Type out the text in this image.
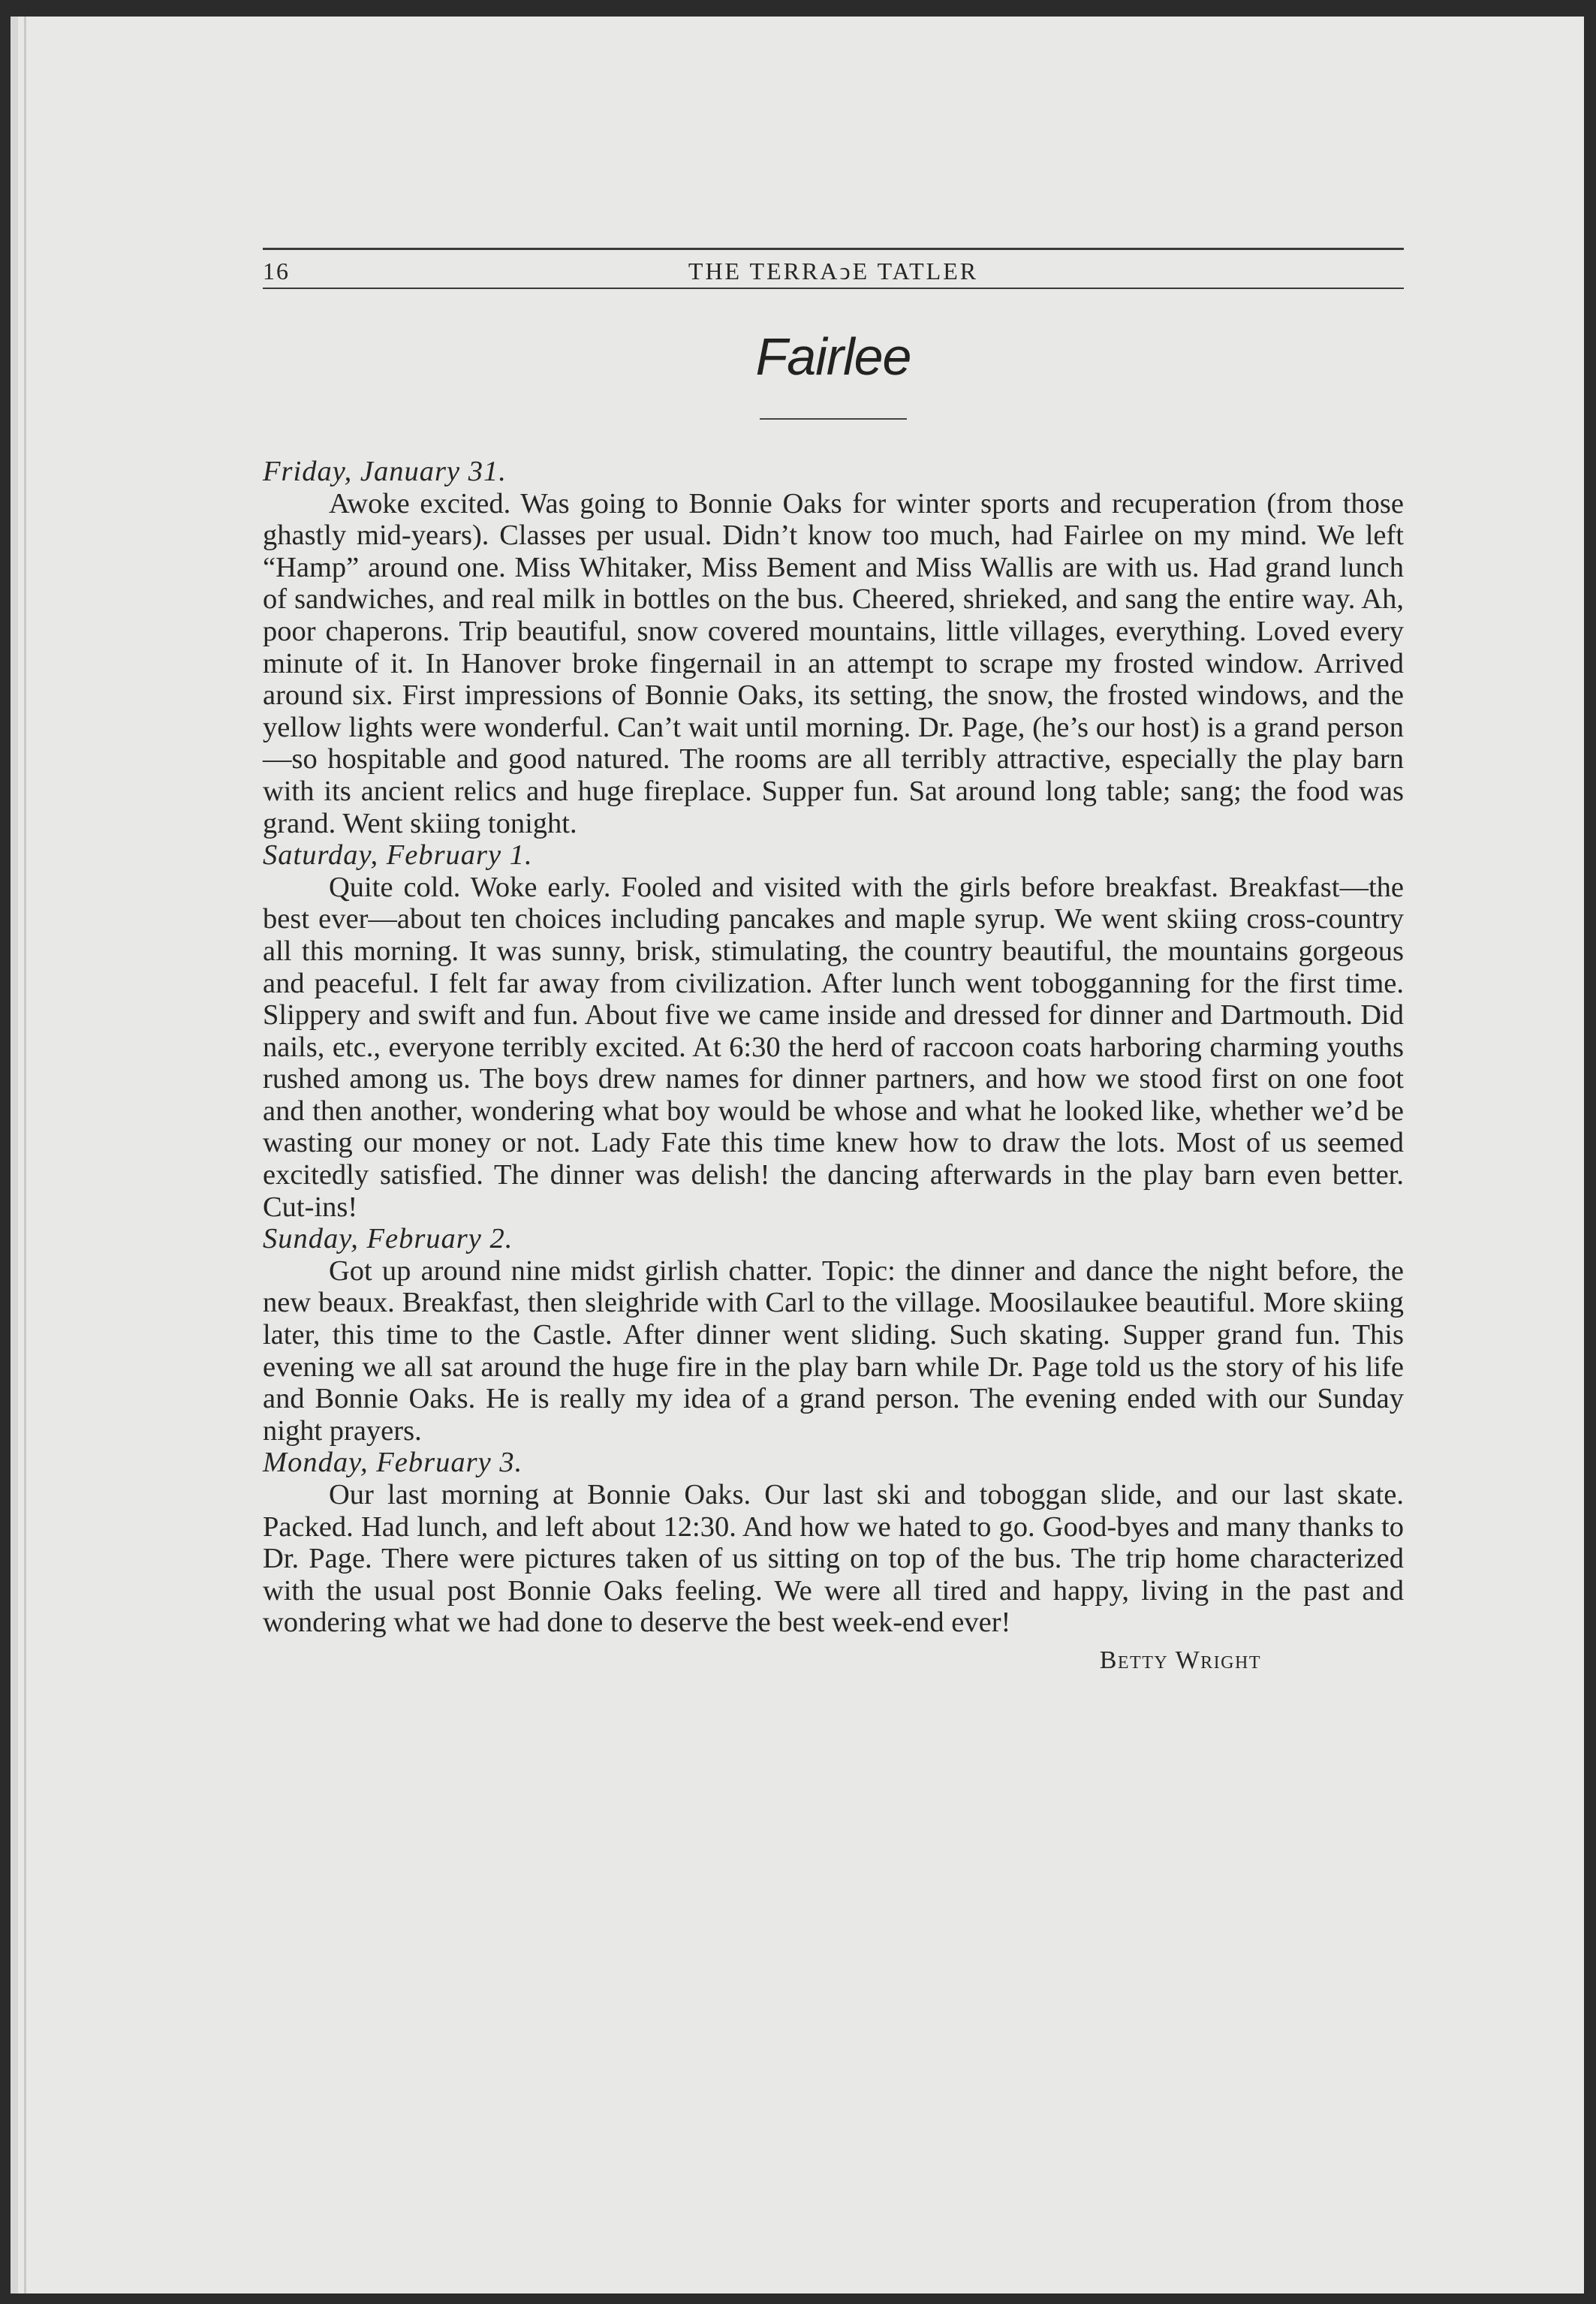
16	THE TERRAↄE TATLER
Fairlee

Friday, January 31.

Awoke excited. Was going to Bonnie Oaks for winter sports and recuperation (from those ghastly mid-years). Classes per usual. Didn’t know too much, had Fairlee on my mind. We left “Hamp” around one. Miss Whitaker, Miss Bement and Miss Wallis are with us. Had grand lunch of sandwiches, and real milk in bottles on the bus. Cheered, shrieked, and sang the entire way. Ah, poor chaperons. Trip beautiful, snow covered mountains, little villages, everything. Loved every minute of it. In Hanover broke fingernail in an attempt to scrape my frosted window. Arrived around six. First impressions of Bonnie Oaks, its setting, the snow, the frosted windows, and the yellow lights were wonderful. Can’t wait until morning. Dr. Page, (he’s our host) is a grand person—so hospitable and good natured. The rooms are all terribly attractive, especially the play barn with its ancient relics and huge fireplace. Supper fun. Sat around long table; sang; the food was grand. Went skiing tonight.

Saturday, February 1.

Quite cold. Woke early. Fooled and visited with the girls before breakfast. Breakfast—the best ever—about ten choices including pancakes and maple syrup. We went skiing cross-country all this morning. It was sunny, brisk, stimulating, the country beautiful, the mountains gorgeous and peaceful. I felt far away from civilization. After lunch went tobogganning for the first time. Slippery and swift and fun. About five we came inside and dressed for dinner and Dartmouth. Did nails, etc., everyone terribly excited. At 6:30 the herd of raccoon coats harboring charming youths rushed among us. The boys drew names for dinner partners, and how we stood first on one foot and then another, wondering what boy would be whose and what he looked like, whether we’d be wasting our money or not. Lady Fate this time knew how to draw the lots. Most of us seemed excitedly satisfied. The dinner was delish! the dancing afterwards in the play barn even better. Cut-ins!

Sunday, February 2.

Got up around nine midst girlish chatter. Topic: the dinner and dance the night before, the new beaux. Breakfast, then sleighride with Carl to the village. Moosilaukee beautiful. More skiing later, this time to the Castle. After dinner went sliding. Such skating. Supper grand fun. This evening we all sat around the huge fire in the play barn while Dr. Page told us the story of his life and Bonnie Oaks. He is really my idea of a grand person. The evening ended with our Sunday night prayers.

Monday, February 3.

Our last morning at Bonnie Oaks. Our last ski and toboggan slide, and our last skate. Packed. Had lunch, and left about 12:30. And how we hated to go. Good-byes and many thanks to Dr. Page. There were pictures taken of us sitting on top of the bus. The trip home characterized with the usual post Bonnie Oaks feeling. We were all tired and happy, living in the past and wondering what we had done to deserve the best week-end ever!

Betty Wright
